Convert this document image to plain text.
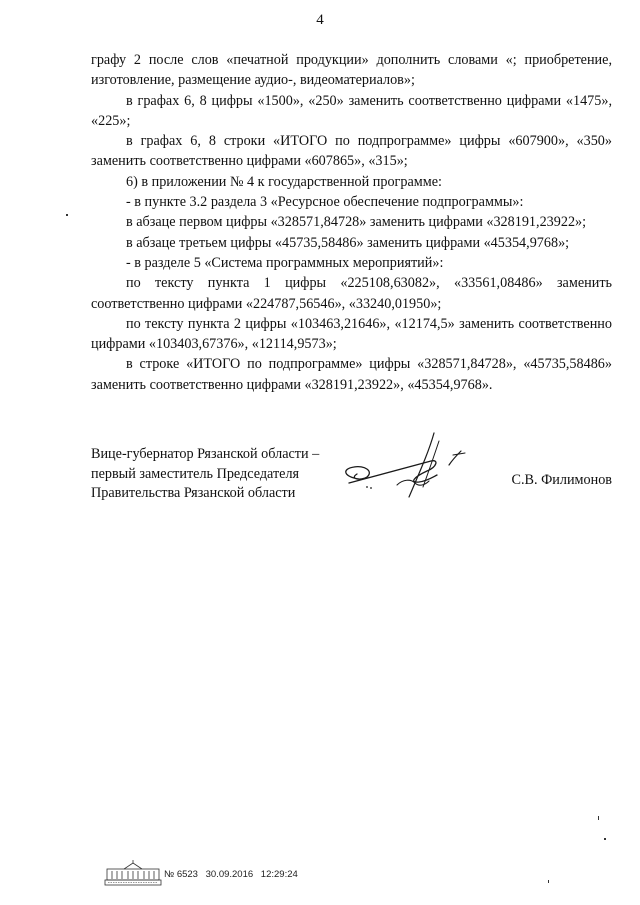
4

графу 2 после слов «печатной продукции» дополнить словами «; приобретение, изготовление, размещение аудио-, видеоматериалов»;

в графах 6, 8 цифры «1500», «250» заменить соответственно цифрами «1475», «225»;

в графах 6, 8 строки «ИТОГО по подпрограмме» цифры «607900», «350» заменить соответственно цифрами «607865», «315»;

6) в приложении № 4 к государственной программе:

- в пункте 3.2 раздела 3 «Ресурсное обеспечение подпрограммы»:

в абзаце первом цифры «328571,84728» заменить цифрами «328191,23922»;

в абзаце третьем цифры «45735,58486» заменить цифрами «45354,9768»;

- в разделе 5 «Система программных мероприятий»:

по тексту пункта 1 цифры «225108,63082», «33561,08486» заменить соответственно цифрами «224787,56546», «33240,01950»;

по тексту пункта 2 цифры «103463,21646», «12174,5» заменить соответственно цифрами «103403,67376», «12114,9573»;

в строке «ИТОГО по подпрограмме» цифры «328571,84728», «45735,58486» заменить соответственно цифрами «328191,23922», «45354,9768».

Вице-губернатор Рязанской области –
первый заместитель Председателя
Правительства Рязанской области
С.В. Филимонов
№ 6523 30.09.2016 12:29:24
